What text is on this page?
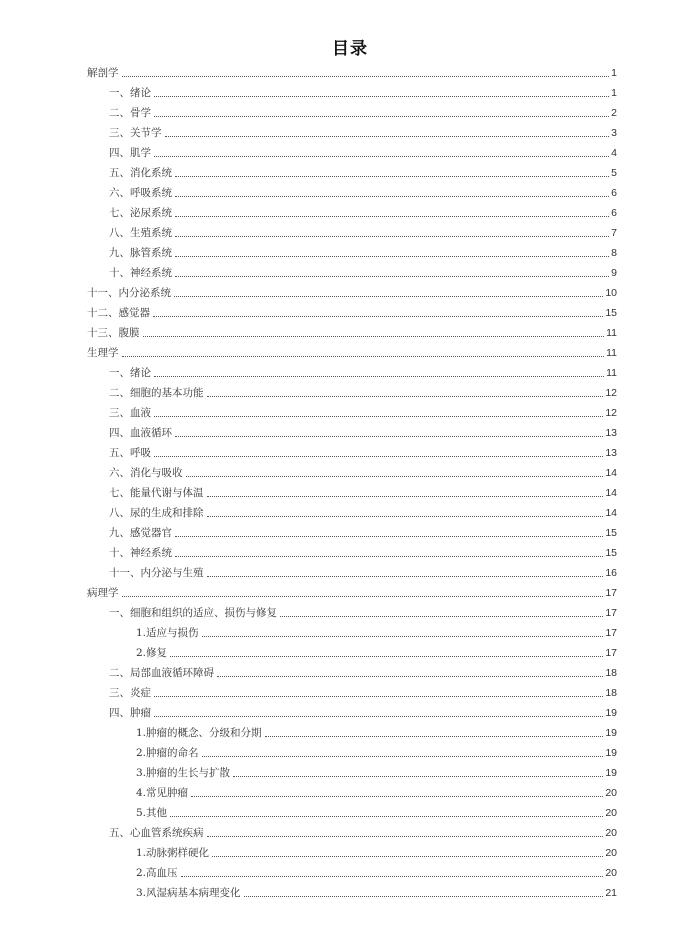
目录
解剖学	1
一、绪论	1
二、骨学	2
三、关节学	3
四、肌学	4
五、消化系统	5
六、呼吸系统	6
七、泌尿系统	6
八、生殖系统	7
九、脉管系统	8
十、神经系统	9
十一、内分泌系统	10
十二、感觉器	15
十三、腹膜	11
生理学	11
一、绪论	11
二、细胞的基本功能	12
三、血液	12
四、血液循环	13
五、呼吸	13
六、消化与吸收	14
七、能量代谢与体温	14
八、尿的生成和排除	14
九、感觉器官	15
十、神经系统	15
十一、内分泌与生殖	16
病理学	17
一、细胞和组织的适应、损伤与修复	17
1.适应与损伤	17
2.修复	17
二、局部血液循环障碍	18
三、炎症	18
四、肿瘤	19
1.肿瘤的概念、分级和分期	19
2.肿瘤的命名	19
3.肿瘤的生长与扩散	19
4.常见肿瘤	20
5.其他	20
五、心血管系统疾病	20
1.动脉粥样硬化	20
2.高血压	20
3.风湿病基本病理变化	21
